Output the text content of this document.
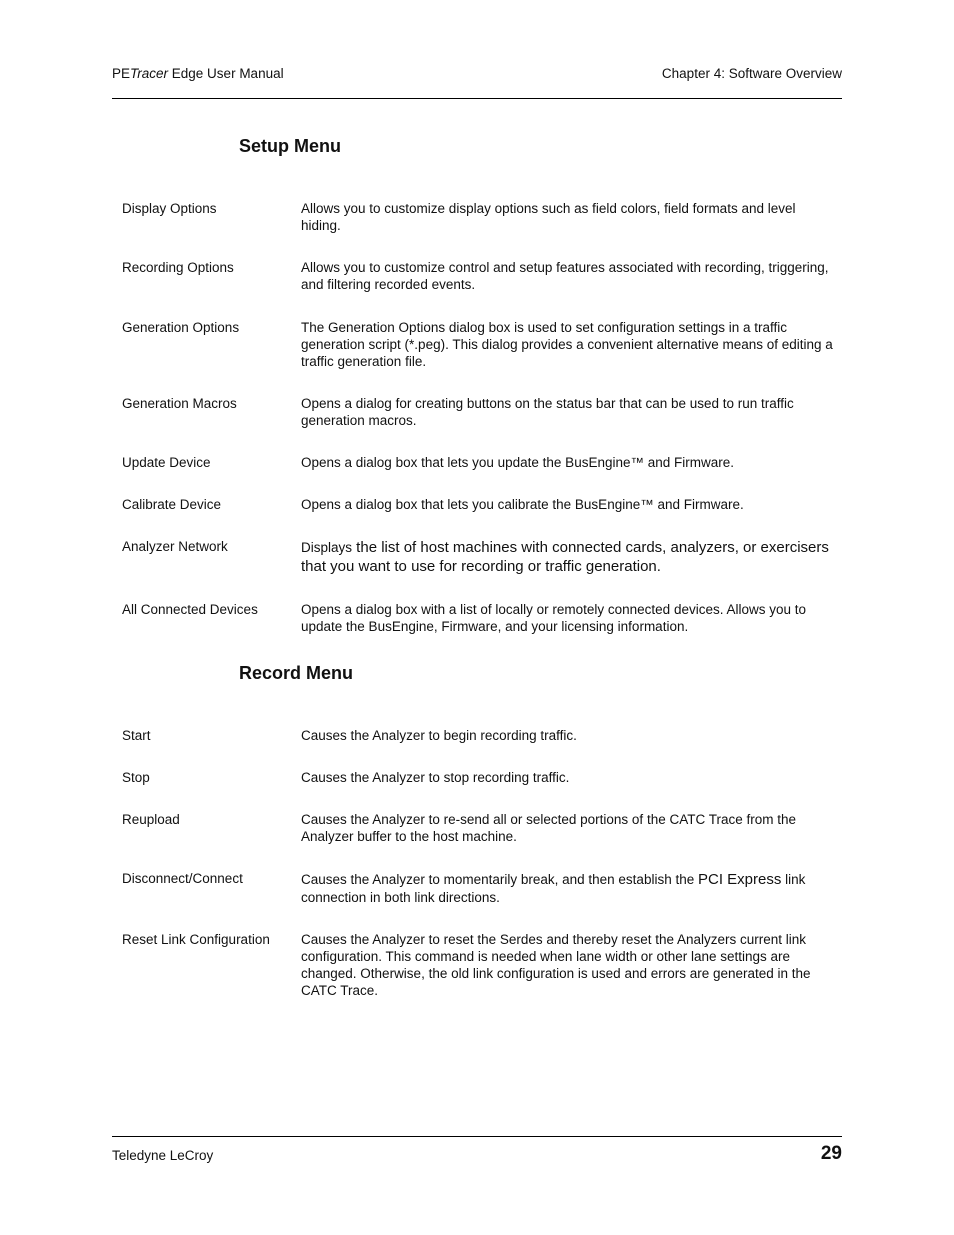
PETracer Edge User Manual	Chapter 4: Software Overview
Setup Menu
Display Options	Allows you to customize display options such as field colors, field formats and level hiding.
Recording Options	Allows you to customize control and setup features associated with recording, triggering, and filtering recorded events.
Generation Options	The Generation Options dialog box is used to set configuration settings in a traffic generation script (*.peg). This dialog provides a convenient alternative means of editing a traffic generation file.
Generation Macros	Opens a dialog for creating buttons on the status bar that can be used to run traffic generation macros.
Update Device	Opens a dialog box that lets you update the BusEngine™ and Firmware.
Calibrate Device	Opens a dialog box that lets you calibrate the BusEngine™ and Firmware.
Analyzer Network	Displays the list of host machines with connected cards, analyzers, or exercisers that you want to use for recording or traffic generation.
All Connected Devices	Opens a dialog box with a list of locally or remotely connected devices. Allows you to update the BusEngine, Firmware, and your licensing information.
Record Menu
Start	Causes the Analyzer to begin recording traffic.
Stop	Causes the Analyzer to stop recording traffic.
Reupload	Causes the Analyzer to re-send all or selected portions of the CATC Trace from the Analyzer buffer to the host machine.
Disconnect/Connect	Causes the Analyzer to momentarily break, and then establish the PCI Express link connection in both link directions.
Reset Link Configuration	Causes the Analyzer to reset the Serdes and thereby reset the Analyzers current link configuration. This command is needed when lane width or other lane settings are changed. Otherwise, the old link configuration is used and errors are generated in the CATC Trace.
Teledyne LeCroy	29
